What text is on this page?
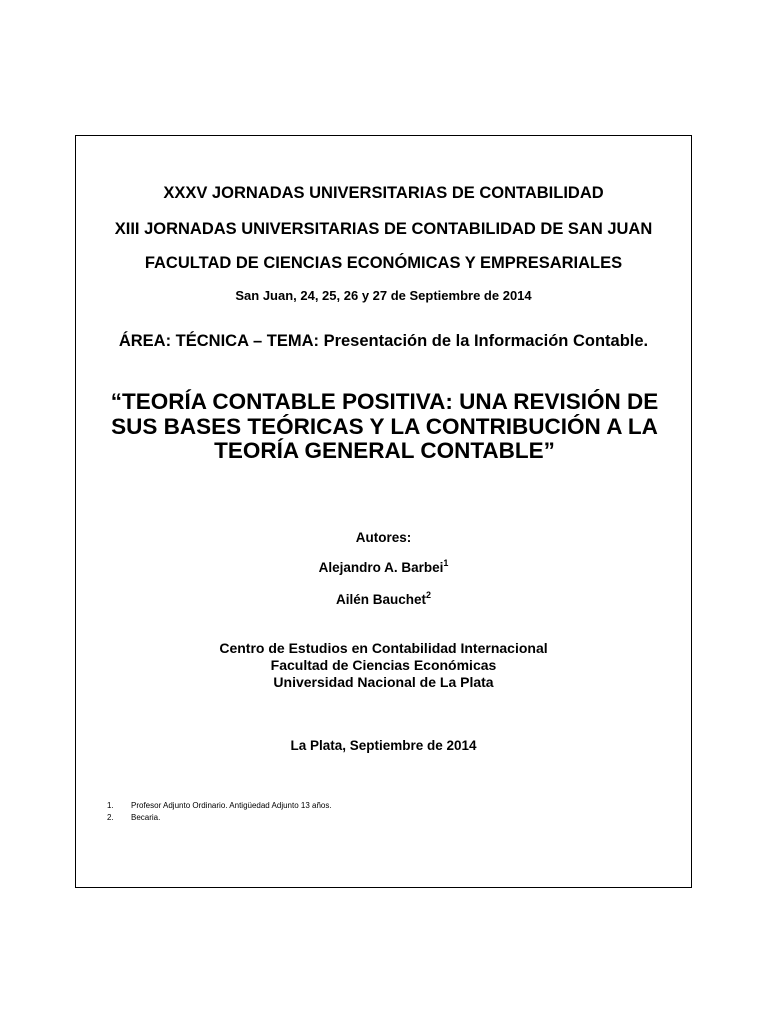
XXXV JORNADAS UNIVERSITARIAS DE CONTABILIDAD
XIII JORNADAS UNIVERSITARIAS DE CONTABILIDAD DE SAN JUAN
FACULTAD DE CIENCIAS ECONÓMICAS Y EMPRESARIALES
San Juan, 24, 25, 26 y 27 de Septiembre de 2014
ÁREA: TÉCNICA – TEMA: Presentación de la Información Contable.
“TEORÍA CONTABLE POSITIVA: UNA REVISIÓN DE
SUS BASES TEÓRICAS Y LA CONTRIBUCIÓN A LA
TEORÍA GENERAL CONTABLE”
Autores:
Alejandro A. Barbei$^1$
Ailén Bauchet$^2$
Centro de Estudios en Contabilidad Internacional
Facultad de Ciencias Económicas
Universidad Nacional de La Plata
La Plata, Septiembre de 2014
1. Profesor Adjunto Ordinario. Antigüedad Adjunto 13 años.
2. Becaria.
